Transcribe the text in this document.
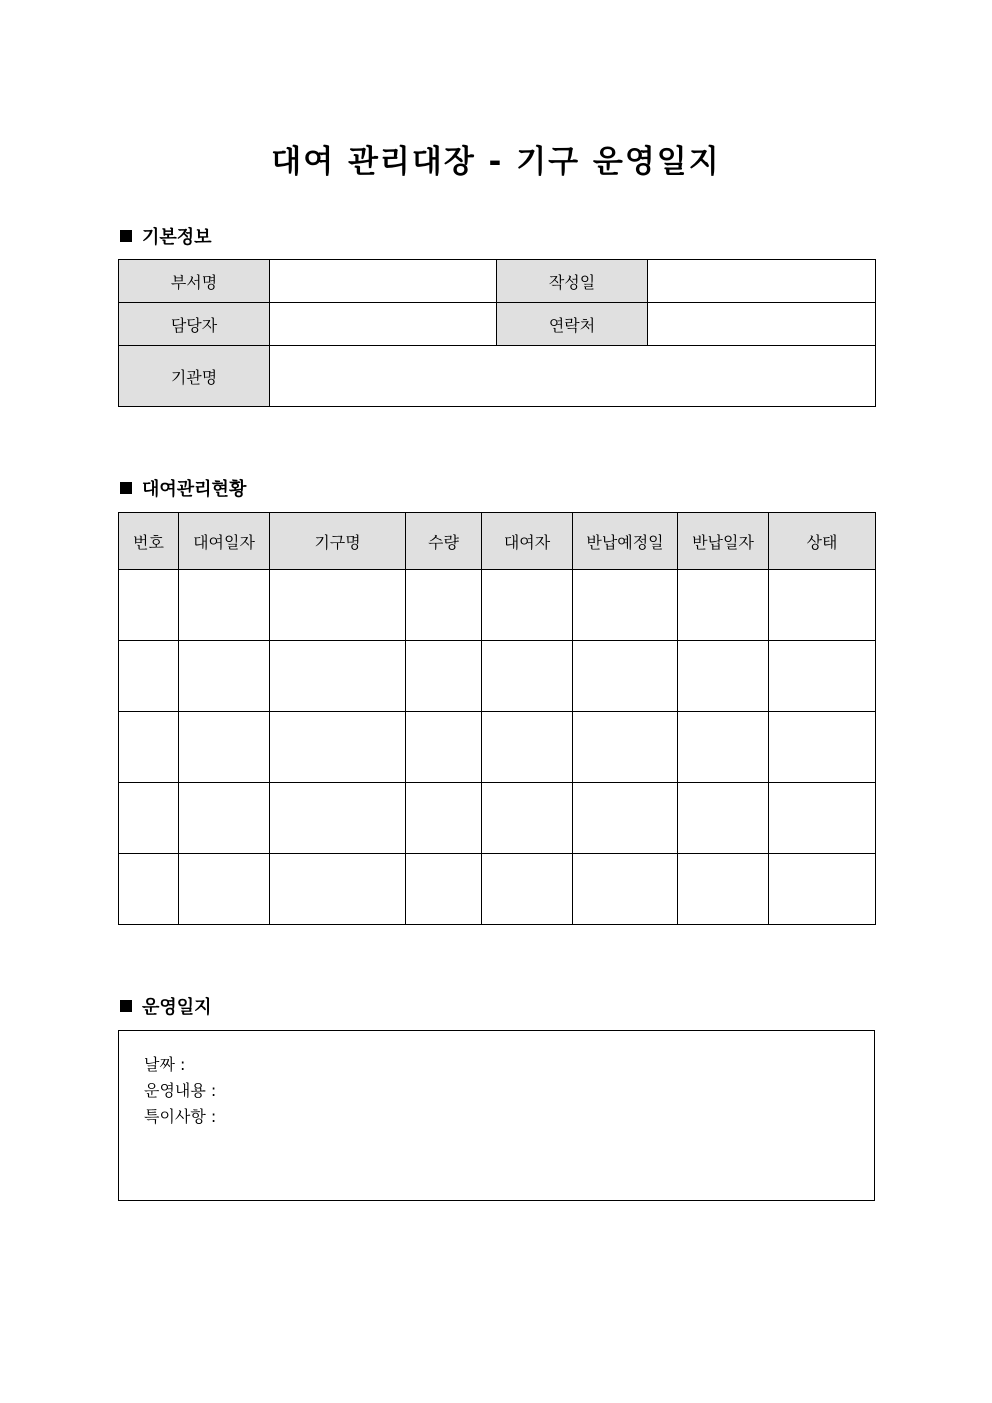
대여 관리대장 - 기구 운영일지
기본정보
부서명		작성일	
담당자		연락처	
기관명			
대여관리현황
번호	대여일자	기구명	수량	대여자	반납예정일	반납일자	상태

운영일지
날짜 :
운영내용 :
특이사항 :
